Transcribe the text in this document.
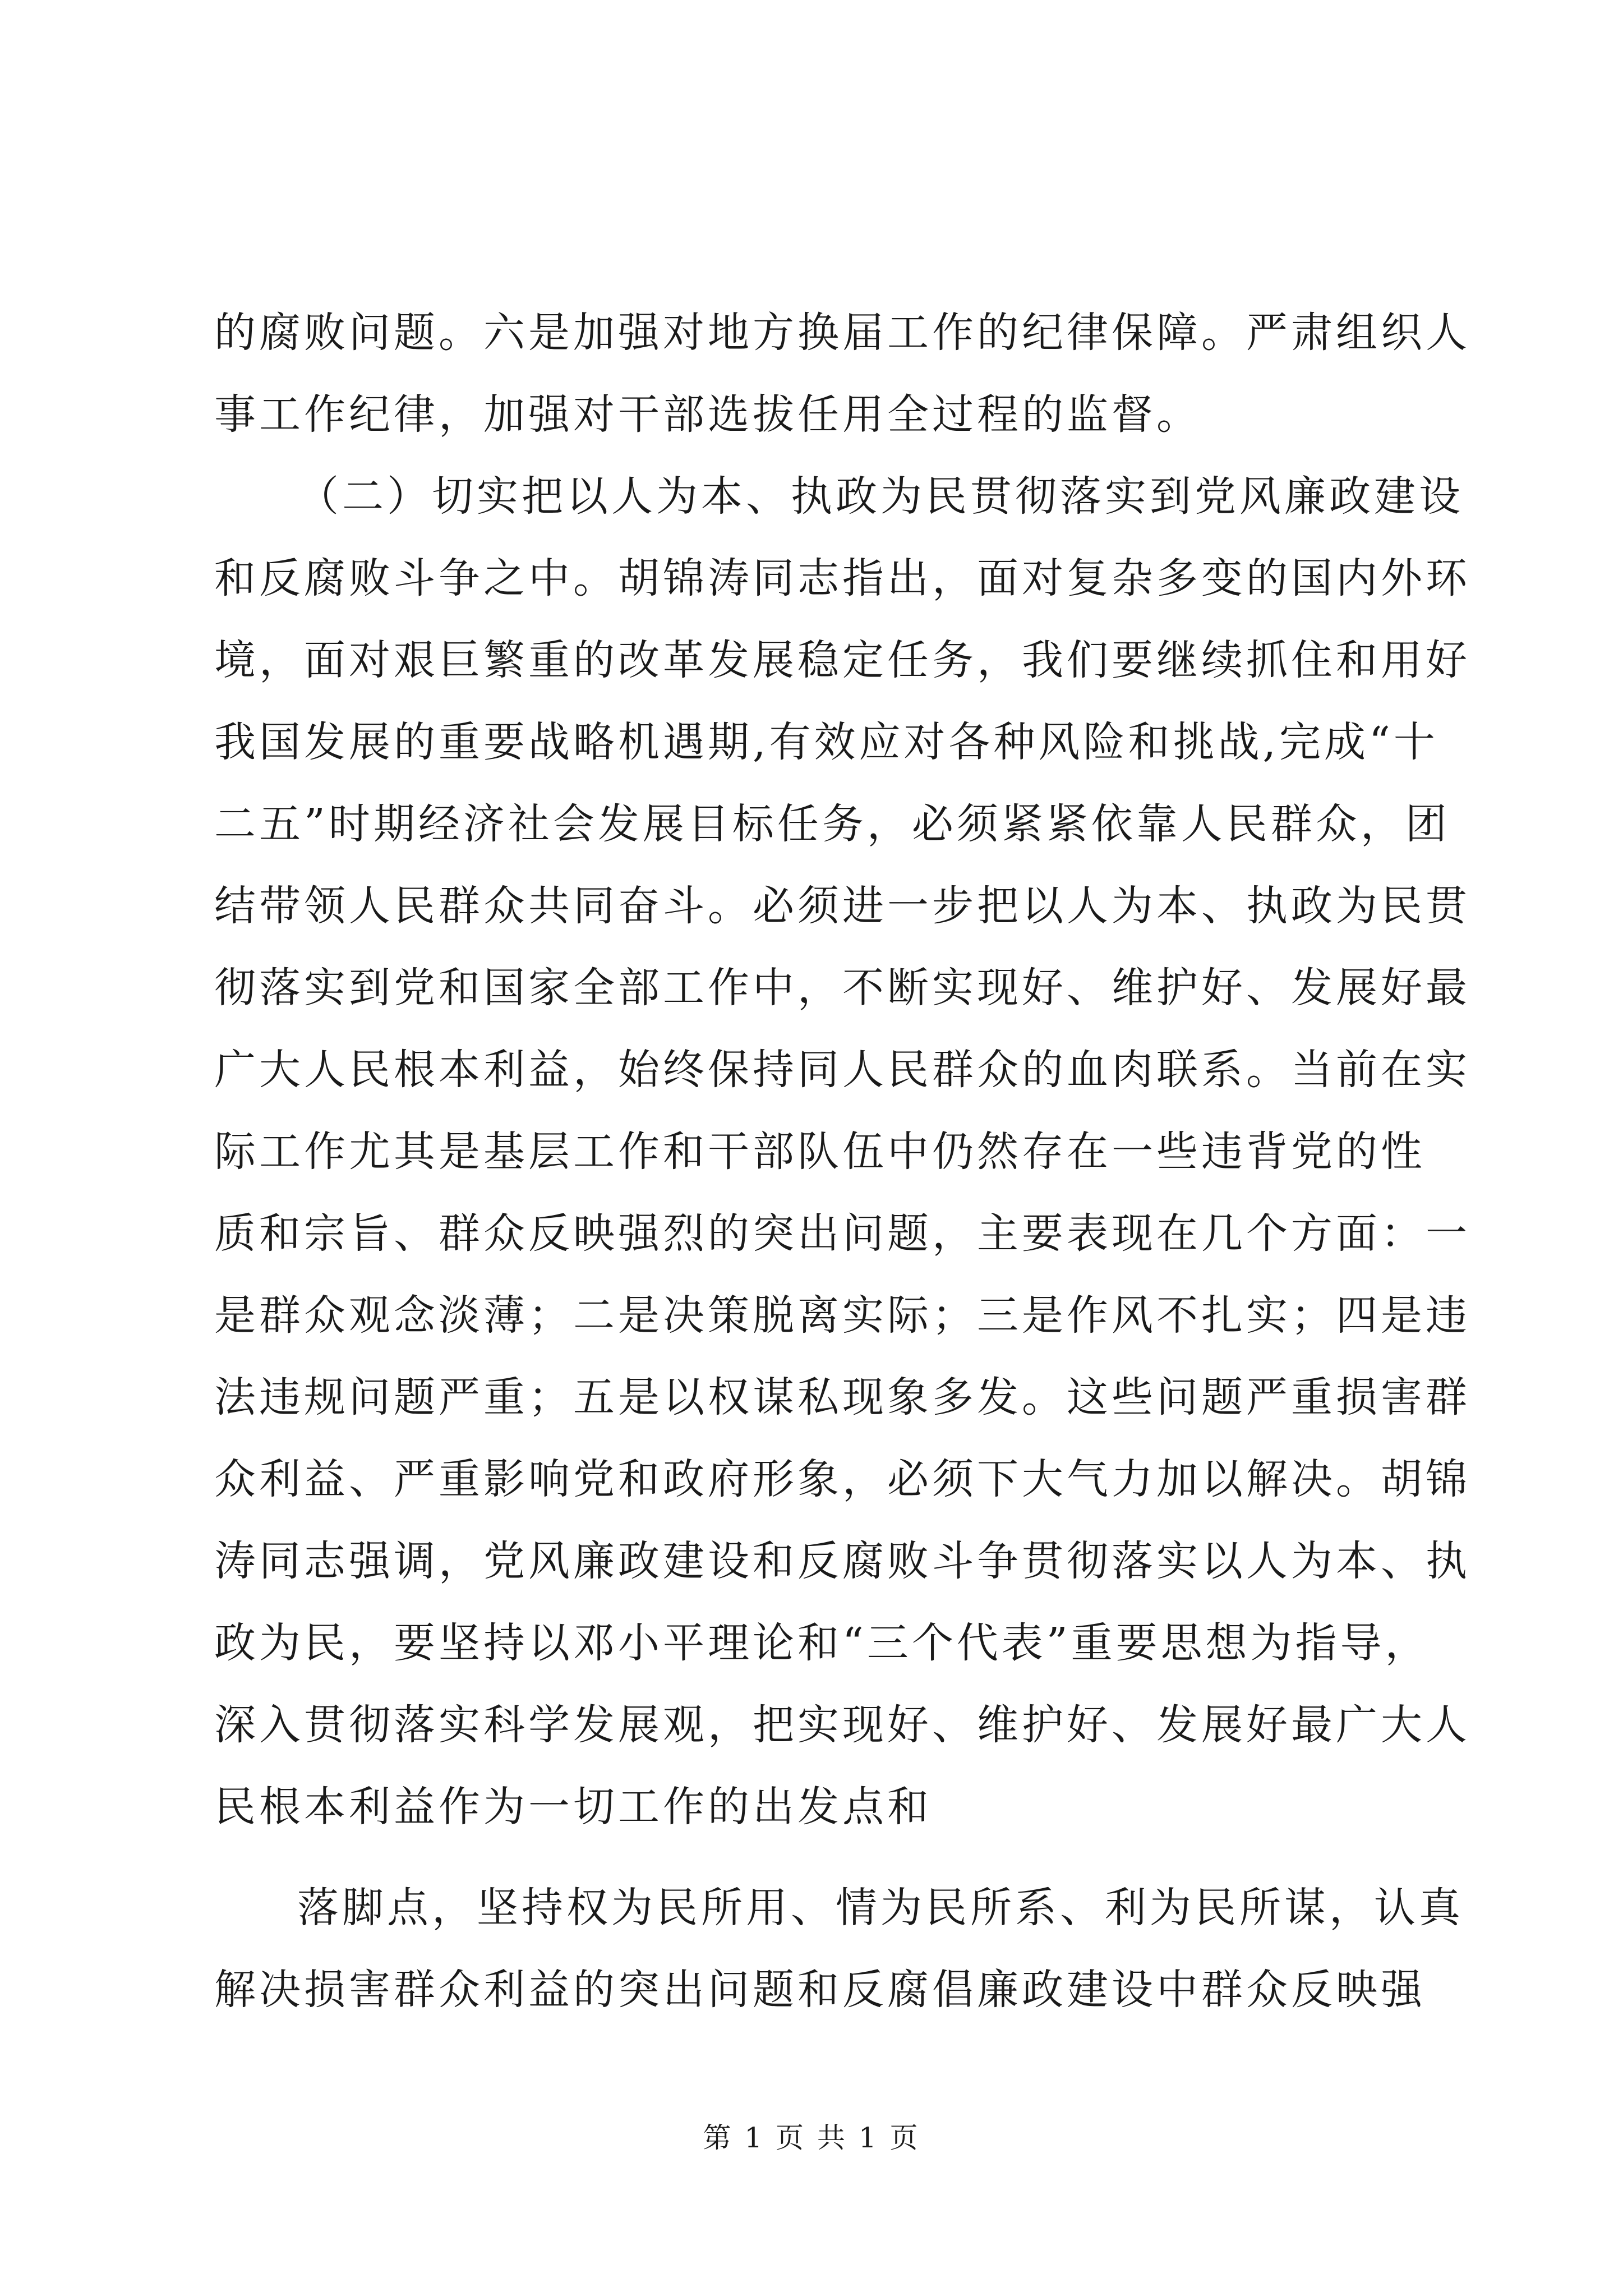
的腐败问题。六是加强对地方换届工作的纪律保障。严肃组织人
事工作纪律，加强对干部选拔任用全过程的监督。
（二）切实把以人为本、执政为民贯彻落实到党风廉政建设
和反腐败斗争之中。胡锦涛同志指出，面对复杂多变的国内外环
境，面对艰巨繁重的改革发展稳定任务，我们要继续抓住和用好
我国发展的重要战略机遇期,有效应对各种风险和挑战,完成“十
二五”时期经济社会发展目标任务，必须紧紧依靠人民群众，团
结带领人民群众共同奋斗。必须进一步把以人为本、执政为民贯
彻落实到党和国家全部工作中，不断实现好、维护好、发展好最
广大人民根本利益，始终保持同人民群众的血肉联系。当前在实
际工作尤其是基层工作和干部队伍中仍然存在一些违背党的性
质和宗旨、群众反映强烈的突出问题，主要表现在几个方面：一
是群众观念淡薄；二是决策脱离实际；三是作风不扎实；四是违
法违规问题严重；五是以权谋私现象多发。这些问题严重损害群
众利益、严重影响党和政府形象，必须下大气力加以解决。胡锦
涛同志强调，党风廉政建设和反腐败斗争贯彻落实以人为本、执
政为民，要坚持以邓小平理论和“三个代表”重要思想为指导，
深入贯彻落实科学发展观，把实现好、维护好、发展好最广大人
民根本利益作为一切工作的出发点和
落脚点，坚持权为民所用、情为民所系、利为民所谋，认真
解决损害群众利益的突出问题和反腐倡廉政建设中群众反映强
第 1 页 共 1 页
